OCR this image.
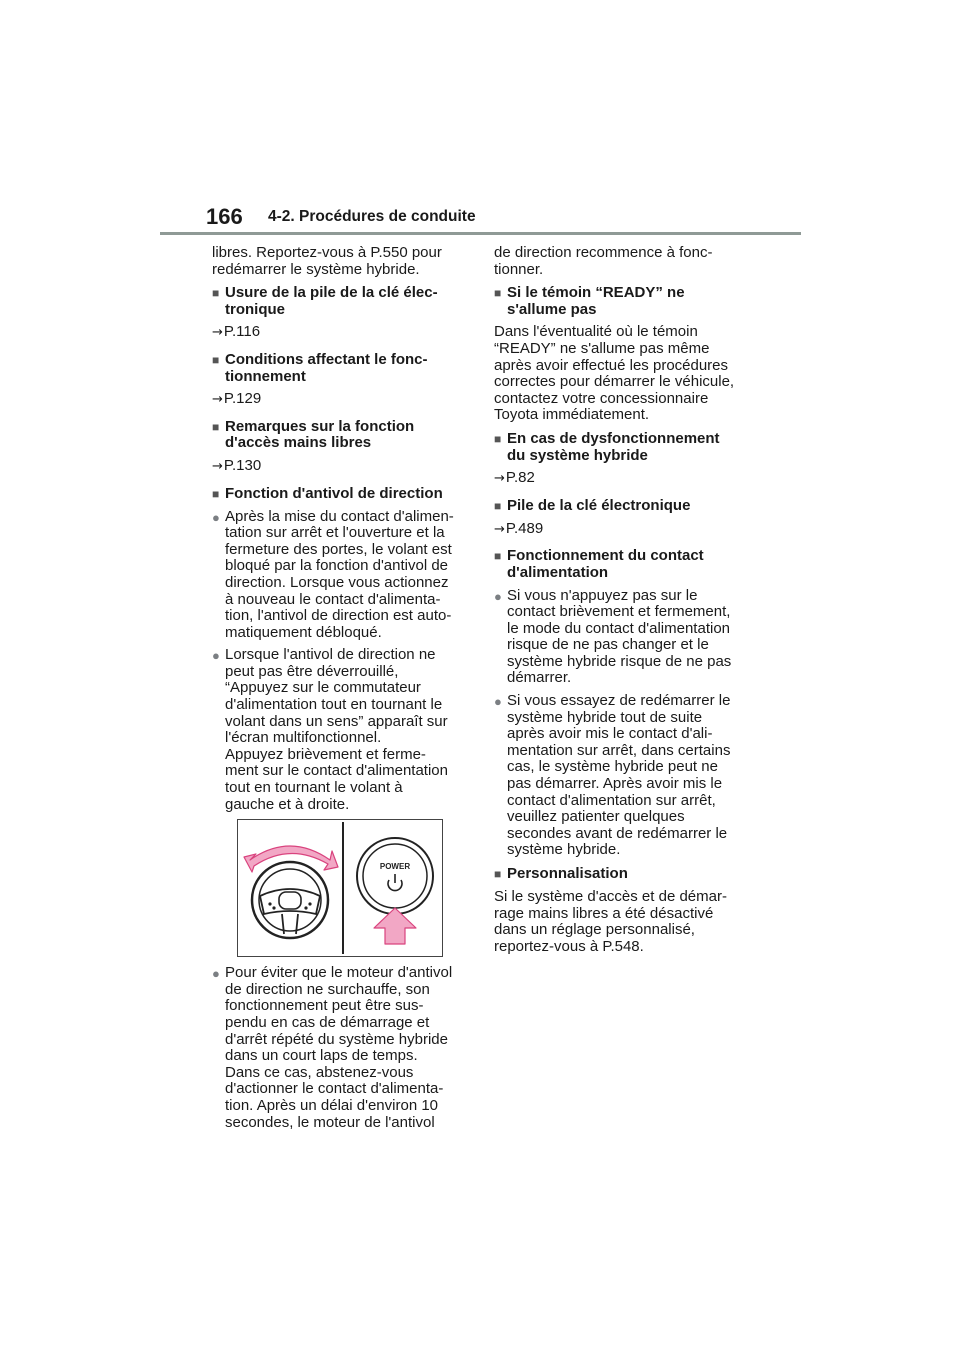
166 4-2. Procédures de conduite
libres. Reportez-vous à P.550 pour
redémarrer le système hybride.
■ Usure de la pile de la clé élec-
tronique
→P.116
■ Conditions affectant le fonc-
tionnement
→P.129
■ Remarques sur la fonction
d'accès mains libres
→P.130
■ Fonction d'antivol de direction
● Après la mise du contact d'alimen-
tation sur arrêt et l'ouverture et la
fermeture des portes, le volant est
bloqué par la fonction d'antivol de
direction. Lorsque vous actionnez
à nouveau le contact d'alimenta-
tion, l'antivol de direction est auto-
matiquement débloqué.
● Lorsque l'antivol de direction ne
peut pas être déverrouillé,
“Appuyez sur le commutateur
d'alimentation tout en tournant le
volant dans un sens” apparaît sur
l'écran multifonctionnel.
Appuyez brièvement et ferme-
ment sur le contact d'alimentation
tout en tournant le volant à
gauche et à droite.
POWER
● Pour éviter que le moteur d'antivol
de direction ne surchauffe, son
fonctionnement peut être sus-
pendu en cas de démarrage et
d'arrêt répété du système hybride
dans un court laps de temps.
Dans ce cas, abstenez-vous
d'actionner le contact d'alimenta-
tion. Après un délai d'environ 10
secondes, le moteur de l'antivol
de direction recommence à fonc-
tionner.
■ Si le témoin “READY” ne
s'allume pas
Dans l'éventualité où le témoin
“READY” ne s'allume pas même
après avoir effectué les procédures
correctes pour démarrer le véhicule,
contactez votre concessionnaire
Toyota immédiatement.
■ En cas de dysfonctionnement
du système hybride
→P.82
■ Pile de la clé électronique
→P.489
■ Fonctionnement du contact
d'alimentation
● Si vous n'appuyez pas sur le
contact brièvement et fermement,
le mode du contact d'alimentation
risque de ne pas changer et le
système hybride risque de ne pas
démarrer.
● Si vous essayez de redémarrer le
système hybride tout de suite
après avoir mis le contact d'ali-
mentation sur arrêt, dans certains
cas, le système hybride peut ne
pas démarrer. Après avoir mis le
contact d'alimentation sur arrêt,
veuillez patienter quelques
secondes avant de redémarrer le
système hybride.
■ Personnalisation
Si le système d'accès et de démar-
rage mains libres a été désactivé
dans un réglage personnalisé,
reportez-vous à P.548.
